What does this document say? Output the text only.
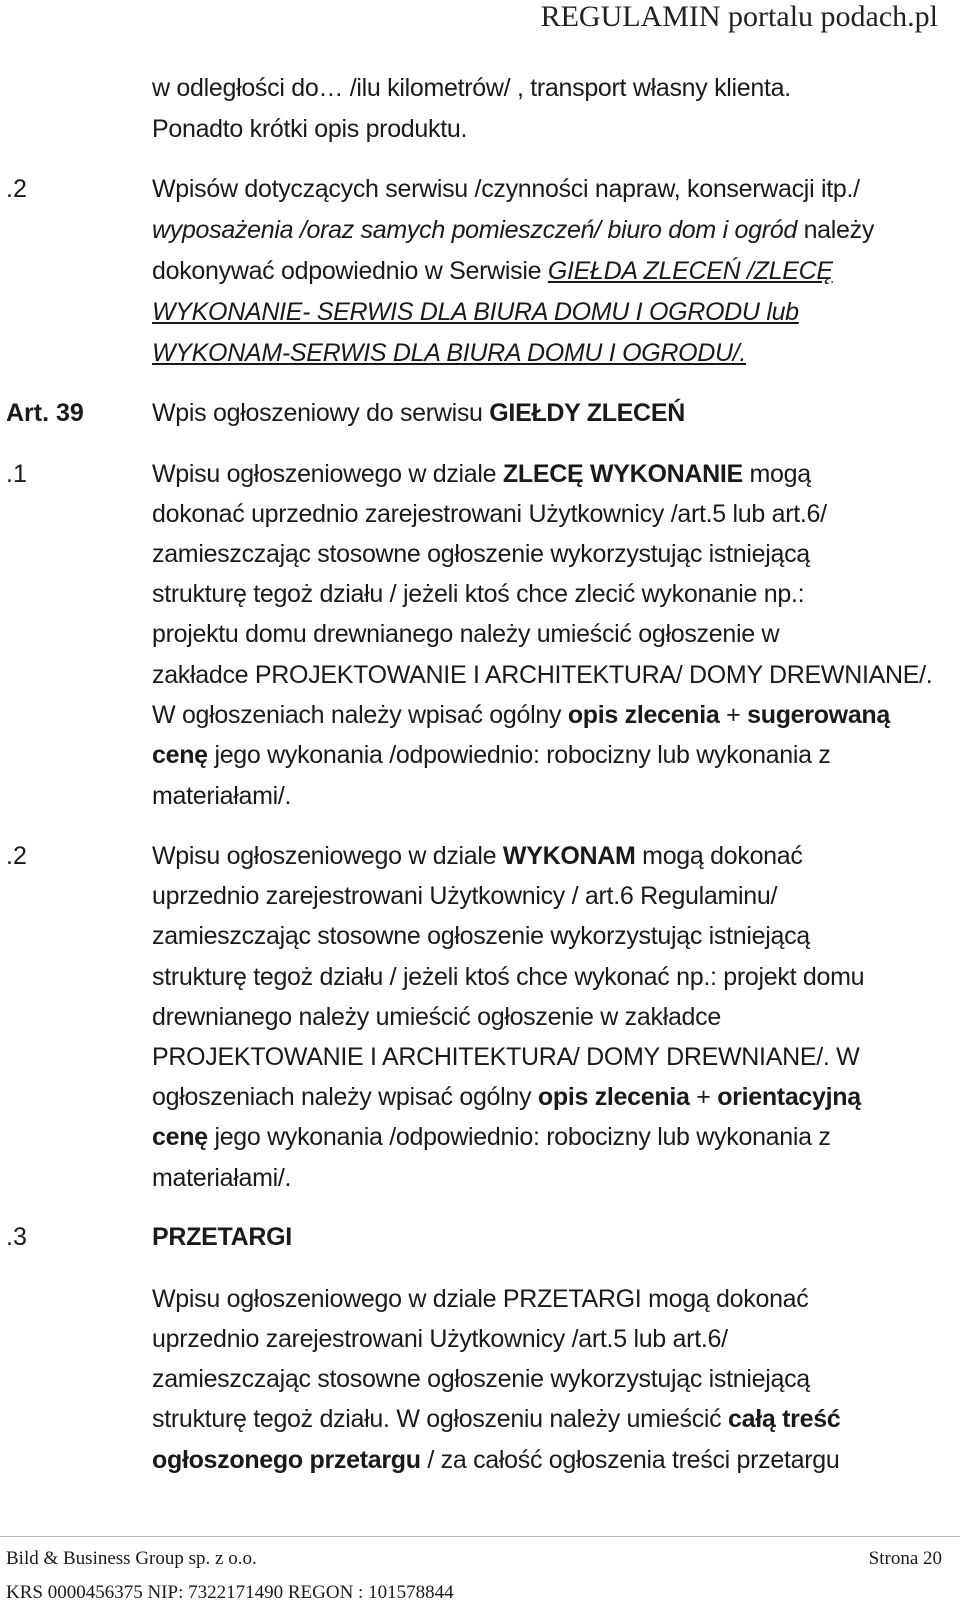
REGULAMIN portalu podach.pl
w odległości do… /ilu kilometrów/ , transport własny klienta.
Ponadto krótki opis produktu.
.2	Wpisów dotyczących serwisu /czynności napraw, konserwacji itp./
wyposażenia /oraz samych pomieszczeń/ biuro dom i ogród należy
dokonywać odpowiednio w Serwisie GIEŁDA ZLECEŃ /ZLECĘ
WYKONANIE- SERWIS DLA BIURA DOMU I OGRODU lub
WYKONAM-SERWIS DLA BIURA DOMU I OGRODU/.
Art. 39	Wpis ogłoszeniowy do serwisu GIEŁDY ZLECEŃ
.1	Wpisu ogłoszeniowego w dziale ZLECĘ WYKONANIE mogą
dokonać uprzednio zarejestrowani Użytkownicy /art.5 lub art.6/
zamieszczając stosowne ogłoszenie wykorzystując istniejącą
strukturę tegoż działu / jeżeli ktoś chce zlecić wykonanie np.:
projektu domu drewnianego należy umieścić ogłoszenie w
zakładce PROJEKTOWANIE I ARCHITEKTURA/ DOMY DREWNIANE/.
W ogłoszeniach należy wpisać ogólny opis zlecenia + sugerowaną
cenę jego wykonania /odpowiednio: robocizny lub wykonania z
materiałami/.
.2	Wpisu ogłoszeniowego w dziale WYKONAM mogą dokonać
uprzednio zarejestrowani Użytkownicy / art.6 Regulaminu/
zamieszczając stosowne ogłoszenie wykorzystując istniejącą
strukturę tegoż działu / jeżeli ktoś chce wykonać np.: projekt domu
drewnianego należy umieścić ogłoszenie w zakładce
PROJEKTOWANIE I ARCHITEKTURA/ DOMY DREWNIANE/. W
ogłoszeniach należy wpisać ogólny opis zlecenia + orientacyjną
cenę jego wykonania /odpowiednio: robocizny lub wykonania z
materiałami/.
.3	PRZETARGI
Wpisu ogłoszeniowego w dziale PRZETARGI mogą dokonać
uprzednio zarejestrowani Użytkownicy /art.5 lub art.6/
zamieszczając stosowne ogłoszenie wykorzystując istniejącą
strukturę tegoż działu. W ogłoszeniu należy umieścić całą treść
ogłoszonego przetargu / za całość ogłoszenia treści przetargu
Bild & Business Group sp. z o.o.	Strona 20
KRS 0000456375 NIP: 7322171490 REGON : 101578844
